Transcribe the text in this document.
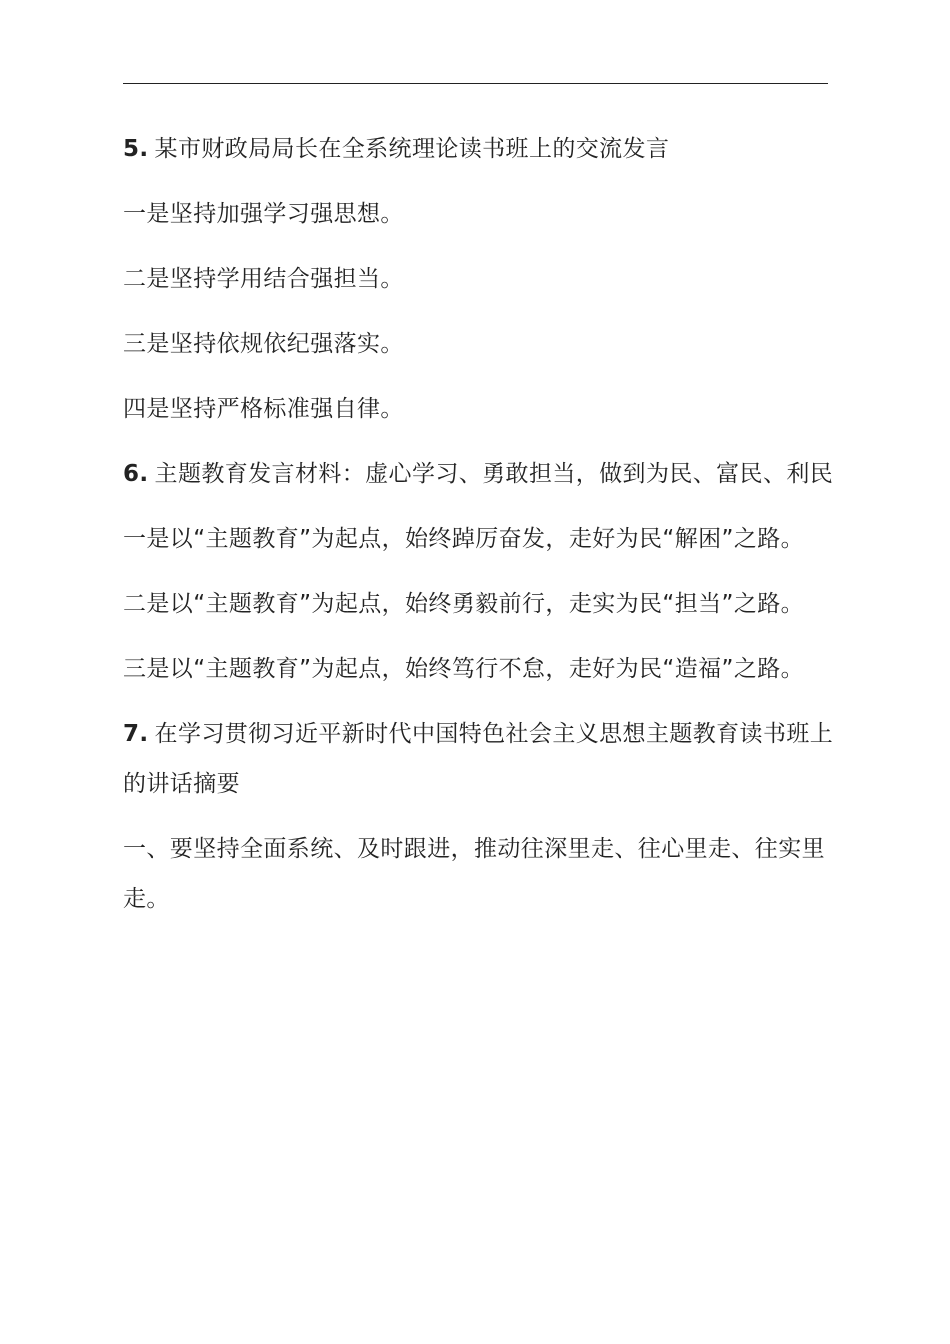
5. 某市财政局局长在全系统理论读书班上的交流发言
一是坚持加强学习强思想。
二是坚持学用结合强担当。
三是坚持依规依纪强落实。
四是坚持严格标准强自律。
6. 主题教育发言材料：虚心学习、勇敢担当，做到为民、富民、利民
一是以“主题教育”为起点，始终踔厉奋发，走好为民“解困”之路。
二是以“主题教育”为起点，始终勇毅前行，走实为民“担当”之路。
三是以“主题教育”为起点，始终笃行不怠，走好为民“造福”之路。
7. 在学习贯彻习近平新时代中国特色社会主义思想主题教育读书班上的讲话摘要
一、要坚持全面系统、及时跟进，推动往深里走、往心里走、往实里走。
